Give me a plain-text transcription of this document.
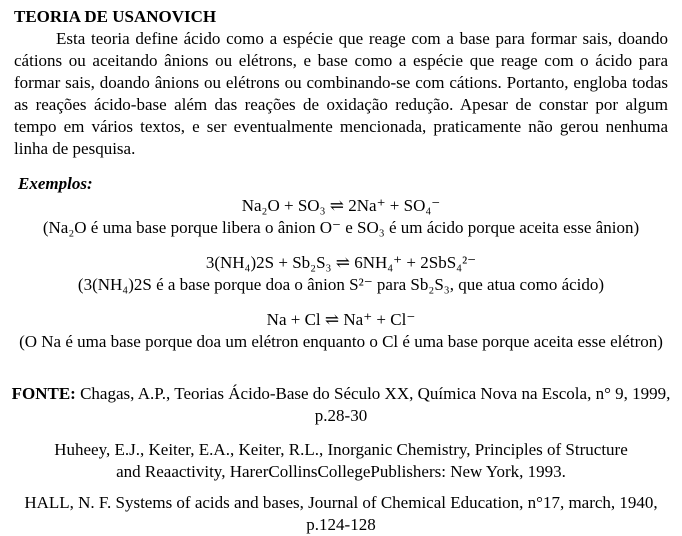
TEORIA DE USANOVICH

Esta teoria define ácido como a espécie que reage com a base para formar sais, doando cátions ou aceitando ânions ou elétrons, e base como a espécie que reage com o ácido para formar sais, doando ânions ou elétrons ou combinando-se com cátions. Portanto, engloba todas as reações ácido-base além das reações de oxidação redução. Apesar de constar por algum tempo em vários textos, e ser eventualmente mencionada, praticamente não gerou nenhuma linha de pesquisa.

Exemplos:

Na₂O + SO₃ ⇌ 2Na⁺ + SO₄⁻

(Na₂O é uma base porque libera o ânion O⁻ e SO₃ é um ácido porque aceita esse ânion)

3(NH₄)2S + Sb₂S₃ ⇌ 6NH₄⁺ + 2SbS₄²⁻

(3(NH₄)2S é a base porque doa o ânion S²⁻ para Sb₂S₃, que atua como ácido)

Na + Cl ⇌ Na⁺ + Cl⁻

(O Na é uma base porque doa um elétron enquanto o Cl é uma base porque aceita esse elétron)

FONTE: Chagas, A.P., Teorias Ácido-Base do Século XX, Química Nova na Escola, n° 9, 1999, p.28-30

Huheey, E.J., Keiter, E.A., Keiter, R.L., Inorganic Chemistry, Principles of Structure and Reaactivity, HarerCollinsCollegePublishers: New York, 1993.

HALL, N. F. Systems of acids and bases, Journal of Chemical Education, n°17, march, 1940, p.124-128
